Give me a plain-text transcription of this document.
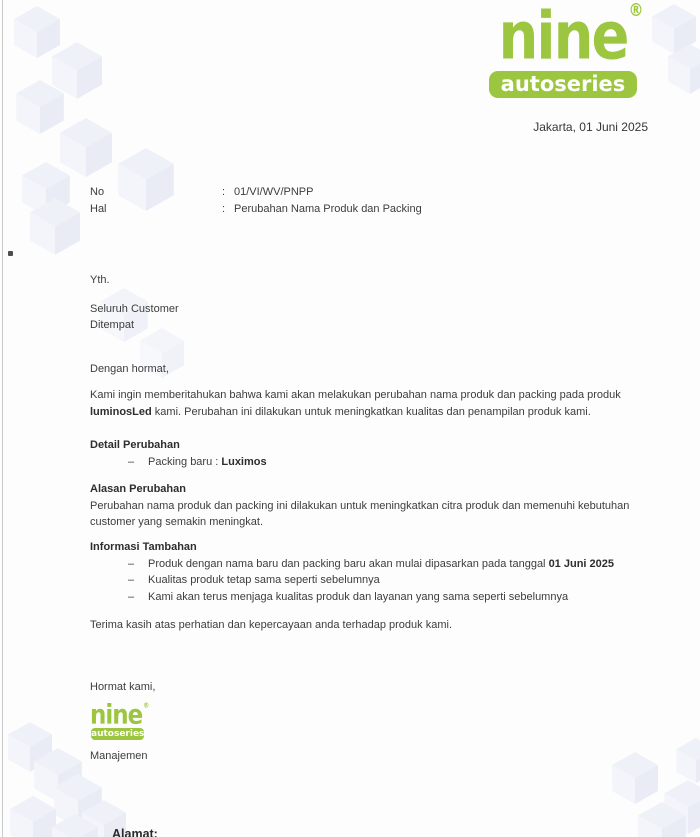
nine ®
autoseries
Jakarta, 01 Juni 2025
No	: 01/VI/WV/PNPP
Hal	: Perubahan Nama Produk dan Packing
Yth.
Seluruh Customer
Ditempat
Dengan hormat,
Kami ingin memberitahukan bahwa kami akan melakukan perubahan nama produk dan packing pada produk
luminosLed kami. Perubahan ini dilakukan untuk meningkatkan kualitas dan penampilan produk kami.
Detail Perubahan
–	Packing baru : Luximos
Alasan Perubahan
Perubahan nama produk dan packing ini dilakukan untuk meningkatkan citra produk dan memenuhi kebutuhan
customer yang semakin meningkat.
Informasi Tambahan
–	Produk dengan nama baru dan packing baru akan mulai dipasarkan pada tanggal 01 Juni 2025
–	Kualitas produk tetap sama seperti sebelumnya
–	Kami akan terus menjaga kualitas produk dan layanan yang sama seperti sebelumnya
Terima kasih atas perhatian dan kepercayaan anda terhadap produk kami.
Hormat kami,
nine ®
autoseries
Manajemen
Alamat:
